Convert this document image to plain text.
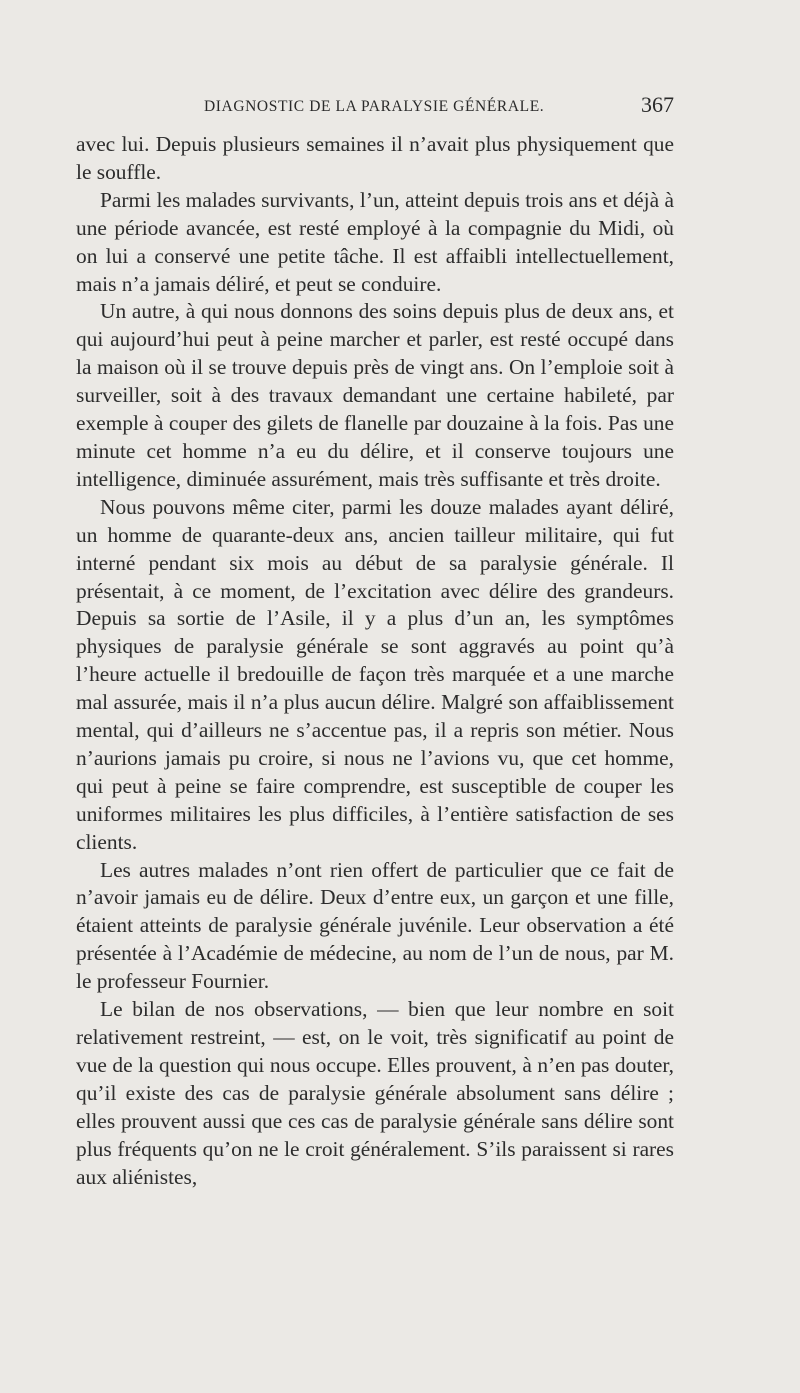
DIAGNOSTIC DE LA PARALYSIE GÉNÉRALE.	367

avec lui. Depuis plusieurs semaines il n’avait plus physiquement que le souffle.

Parmi les malades survivants, l’un, atteint depuis trois ans et déjà à une période avancée, est resté employé à la compagnie du Midi, où on lui a conservé une petite tâche. Il est affaibli intellectuellement, mais n’a jamais déliré, et peut se conduire.

Un autre, à qui nous donnons des soins depuis plus de deux ans, et qui aujourd’hui peut à peine marcher et parler, est resté occupé dans la maison où il se trouve depuis près de vingt ans. On l’emploie soit à surveiller, soit à des travaux demandant une certaine habileté, par exemple à couper des gilets de flanelle par douzaine à la fois. Pas une minute cet homme n’a eu du délire, et il conserve toujours une intelligence, diminuée assurément, mais très suffisante et très droite.

Nous pouvons même citer, parmi les douze malades ayant déliré, un homme de quarante-deux ans, ancien tailleur militaire, qui fut interné pendant six mois au début de sa paralysie générale. Il présentait, à ce moment, de l’excitation avec délire des grandeurs. Depuis sa sortie de l’Asile, il y a plus d’un an, les symptômes physiques de paralysie générale se sont aggravés au point qu’à l’heure actuelle il bredouille de façon très marquée et a une marche mal assurée, mais il n’a plus aucun délire. Malgré son affaiblissement mental, qui d’ailleurs ne s’accentue pas, il a repris son métier. Nous n’aurions jamais pu croire, si nous ne l’avions vu, que cet homme, qui peut à peine se faire comprendre, est susceptible de couper les uniformes militaires les plus difficiles, à l’entière satisfaction de ses clients.

Les autres malades n’ont rien offert de particulier que ce fait de n’avoir jamais eu de délire. Deux d’entre eux, un garçon et une fille, étaient atteints de paralysie générale juvénile. Leur observation a été présentée à l’Académie de médecine, au nom de l’un de nous, par M. le professeur Fournier.

Le bilan de nos observations, — bien que leur nombre en soit relativement restreint, — est, on le voit, très significatif au point de vue de la question qui nous occupe. Elles prouvent, à n’en pas douter, qu’il existe des cas de paralysie générale absolument sans délire ; elles prouvent aussi que ces cas de paralysie générale sans délire sont plus fréquents qu’on ne le croit généralement. S’ils paraissent si rares aux aliénistes,
